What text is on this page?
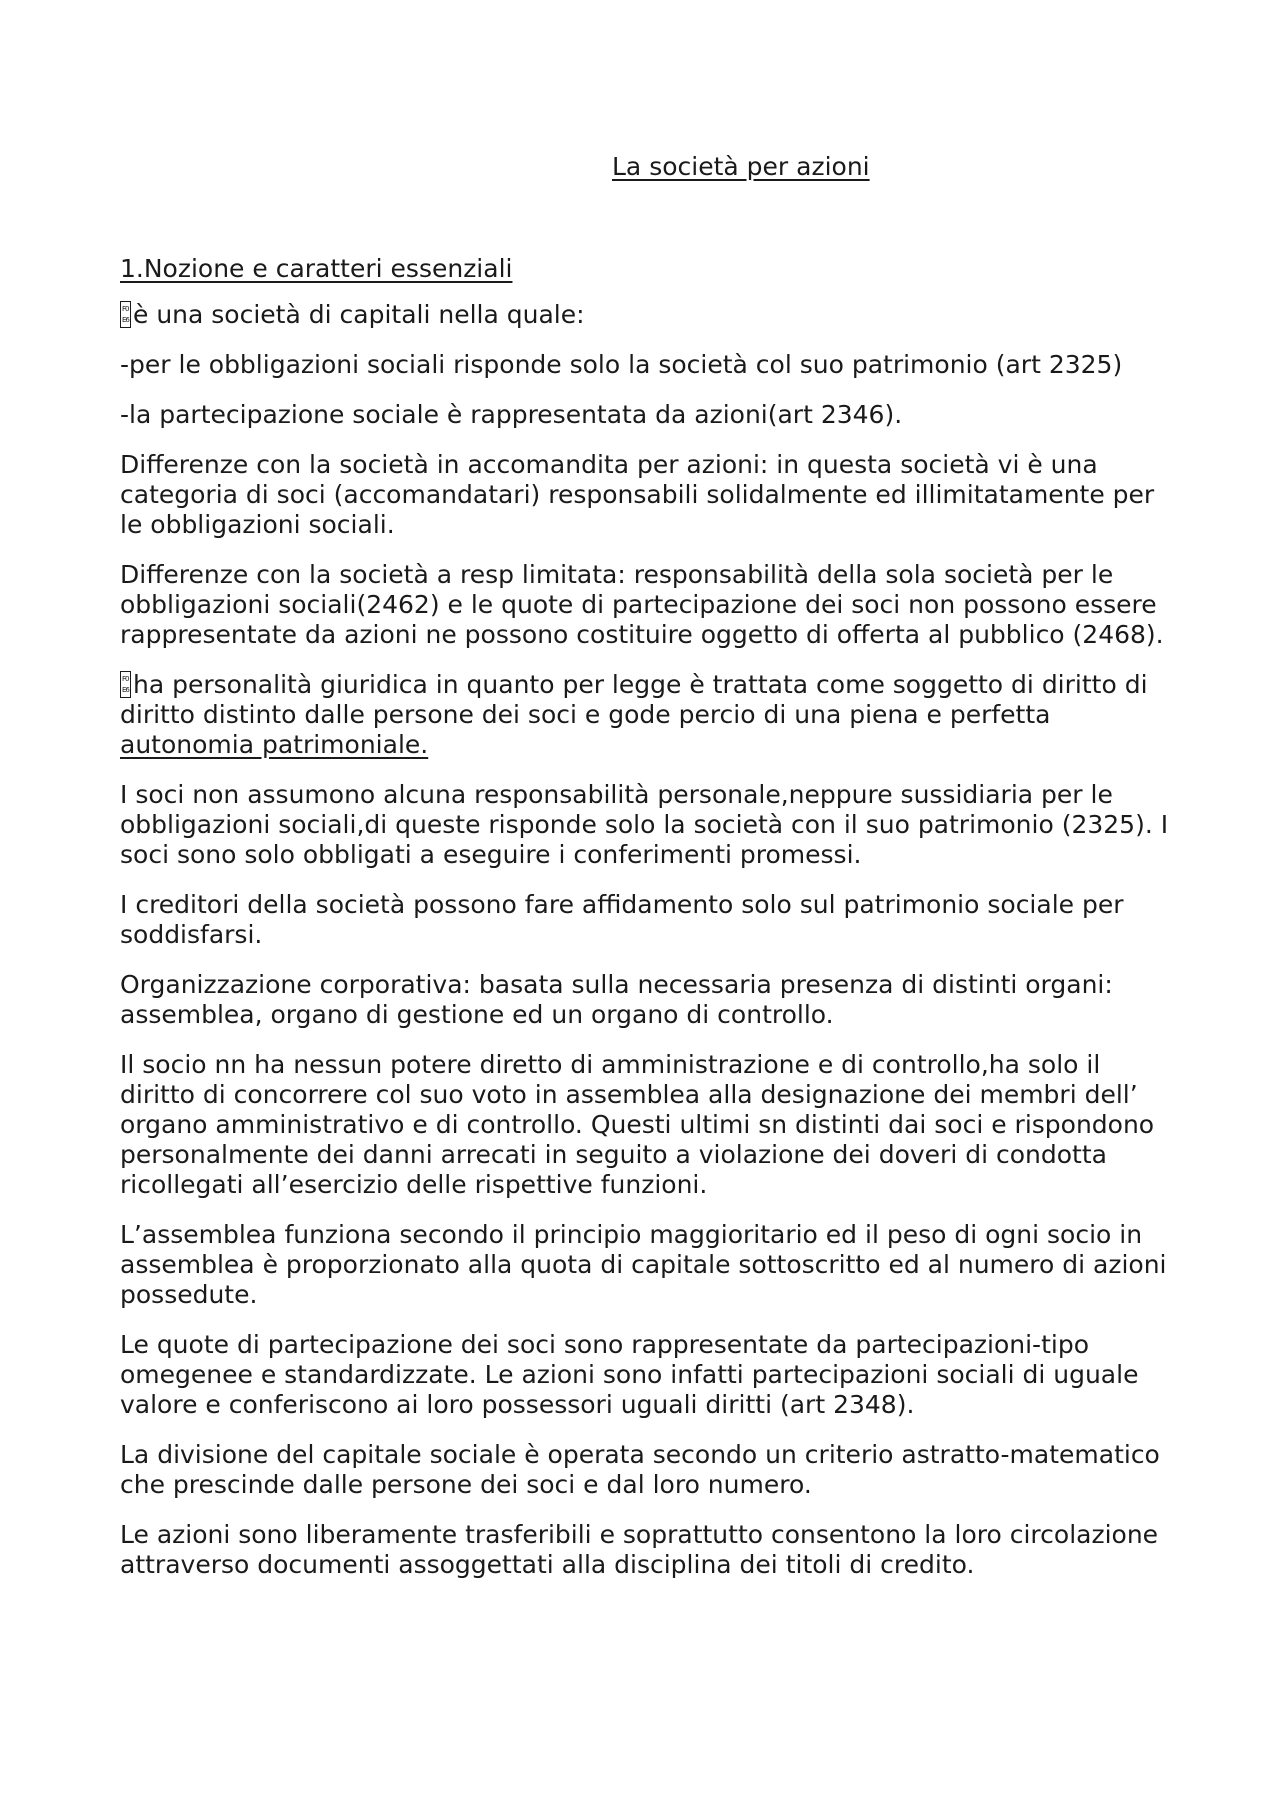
La società per azioni
1.Nozione e caratteri essenziali

F0 E6è una società di capitali nella quale:

-per le obbligazioni sociali risponde solo la società col suo patrimonio (art 2325)

-la partecipazione sociale è rappresentata da azioni(art 2346).

Differenze con la società in accomandita per azioni: in questa società vi è una categoria di soci (accomandatari) responsabili solidalmente ed illimitatamente per le obbligazioni sociali.

Differenze con la società a resp limitata: responsabilità della sola società per le obbligazioni sociali(2462) e le quote di partecipazione dei soci non possono essere rappresentate da azioni ne possono costituire oggetto di offerta al pubblico (2468).

F0 E6ha personalità giuridica in quanto per legge è trattata come soggetto di diritto di diritto distinto dalle persone dei soci e gode percio di una piena e perfetta autonomia patrimoniale.

I soci non assumono alcuna responsabilità personale,neppure sussidiaria per le obbligazioni sociali,di queste risponde solo la società con il suo patrimonio (2325). I soci sono solo obbligati a eseguire i conferimenti promessi.

I creditori della società possono fare affidamento solo sul patrimonio sociale per soddisfarsi.

Organizzazione corporativa: basata sulla necessaria presenza di distinti organi: assemblea, organo di gestione ed un organo di controllo.

Il socio nn ha nessun potere diretto di amministrazione e di controllo,ha solo il diritto di concorrere col suo voto in assemblea alla designazione dei membri dell’ organo amministrativo e di controllo. Questi ultimi sn distinti dai soci e rispondono personalmente dei danni arrecati in seguito a violazione dei doveri di condotta ricollegati all’esercizio delle rispettive funzioni.

L’assemblea funziona secondo il principio maggioritario ed il peso di ogni socio in assemblea è proporzionato alla quota di capitale sottoscritto ed al numero di azioni possedute.

Le quote di partecipazione dei soci sono rappresentate da partecipazioni-tipo omegenee e standardizzate. Le azioni sono infatti partecipazioni sociali di uguale valore e conferiscono ai loro possessori uguali diritti (art 2348).

La divisione del capitale sociale è operata secondo un criterio astratto-matematico che prescinde dalle persone dei soci e dal loro numero.

Le azioni sono liberamente trasferibili e soprattutto consentono la loro circolazione attraverso documenti assoggettati alla disciplina dei titoli di credito.
